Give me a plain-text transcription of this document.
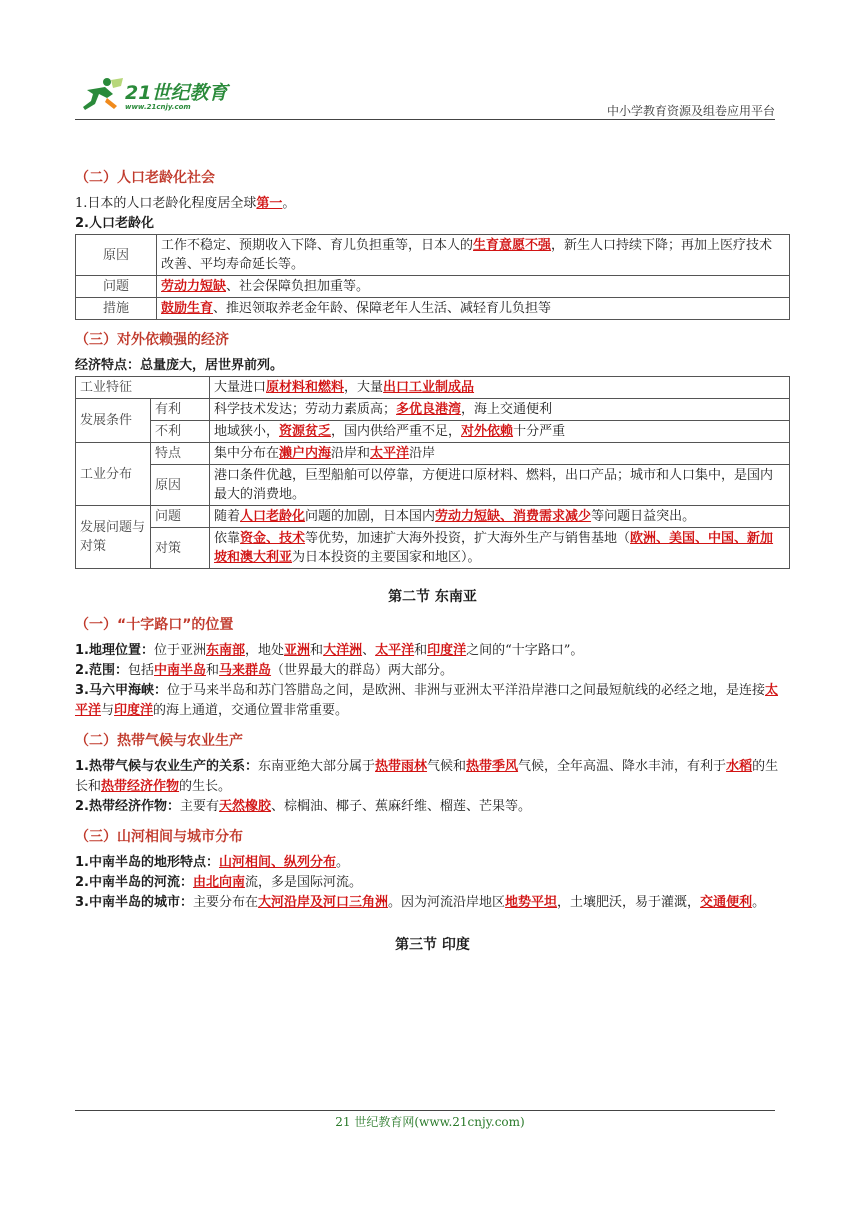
21世纪教育
www.21cnjy.com	中小学教育资源及组卷应用平台
（二）人口老龄化社会

1.日本的人口老龄化程度居全球第一。

2.人口老龄化

原因	工作不稳定、预期收入下降、育儿负担重等，日本人的生育意愿不强，新生人口持续下降；再加上医疗技术改善、平均寿命延长等。
问题	劳动力短缺、社会保障负担加重等。
措施	鼓励生育、推迟领取养老金年龄、保障老年人生活、减轻育儿负担等
（三）对外依赖强的经济

经济特点：总量庞大，居世界前列。

工业特征		大量进口原材料和燃料，大量出口工业制成品
发展条件	有利	科学技术发达；劳动力素质高；多优良港湾，海上交通便利
	不利	地域狭小，资源贫乏，国内供给严重不足，对外依赖十分严重
工业分布	特点	集中分布在濑户内海沿岸和太平洋沿岸
	原因	港口条件优越，巨型船舶可以停靠，方便进口原材料、燃料，出口产品；城市和人口集中，是国内最大的消费地。
发展问题与对策	问题	随着人口老龄化问题的加剧，日本国内劳动力短缺、消费需求减少等问题日益突出。
	对策	依靠资金、技术等优势，加速扩大海外投资，扩大海外生产与销售基地（欧洲、美国、中国、新加坡和澳大利亚为日本投资的主要国家和地区）。
第二节 东南亚
（一）“十字路口”的位置

1.地理位置：位于亚洲东南部，地处亚洲和大洋洲、太平洋和印度洋之间的“十字路口”。

2.范围：包括中南半岛和马来群岛（世界最大的群岛）两大部分。

3.马六甲海峡：位于马来半岛和苏门答腊岛之间，是欧洲、非洲与亚洲太平洋沿岸港口之间最短航线的必经之地，是连接太平洋与印度洋的海上通道，交通位置非常重要。

（二）热带气候与农业生产

1.热带气候与农业生产的关系：东南亚绝大部分属于热带雨林气候和热带季风气候，全年高温、降水丰沛，有利于水稻的生长和热带经济作物的生长。

2.热带经济作物：主要有天然橡胶、棕榈油、椰子、蕉麻纤维、榴莲、芒果等。

（三）山河相间与城市分布

1.中南半岛的地形特点：山河相间、纵列分布。

2.中南半岛的河流：由北向南流，多是国际河流。

3.中南半岛的城市：主要分布在大河沿岸及河口三角洲。因为河流沿岸地区地势平坦，土壤肥沃，易于灌溉，交通便利。

第三节 印度
21 世纪教育网(www.21cnjy.com)
